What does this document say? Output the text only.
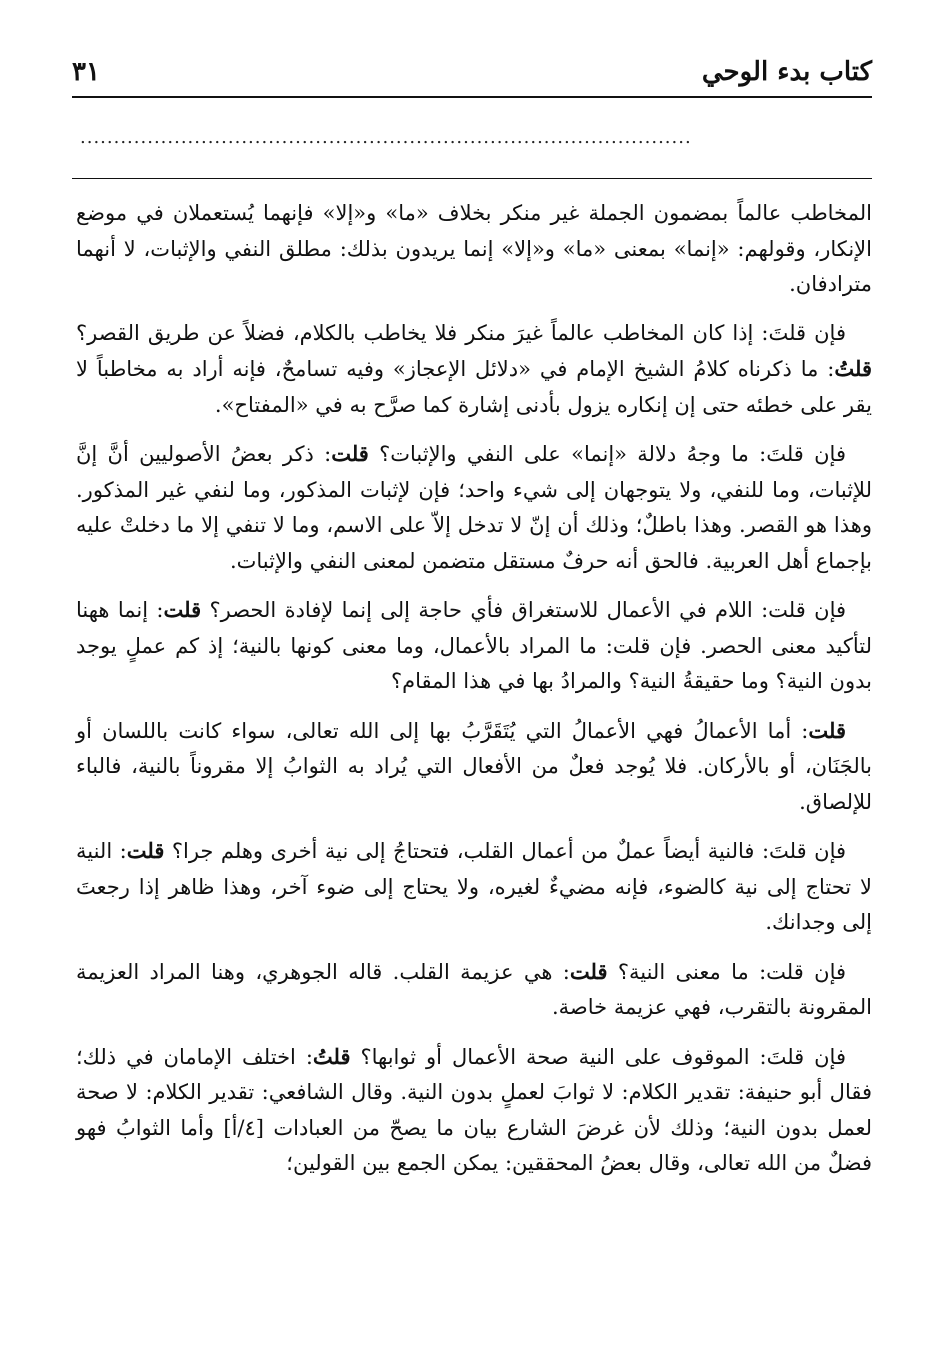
كتاب بدء الوحي
٣١
...........................................................................................

المخاطب عالماً بمضمون الجملة غير منكر بخلاف «ما» و«إلا» فإنهما يُستعملان في موضع الإنكار، وقولهم: «إنما» بمعنى «ما» و«إلا» إنما يريدون بذلك: مطلق النفي والإثبات، لا أنهما مترادفان.

فإن قلتَ: إذا كان المخاطب عالماً غيرَ منكر فلا يخاطب بالكلام، فضلاً عن طريق القصر؟ قلتُ: ما ذكرناه كلامُ الشيخ الإمام في «دلائل الإعجاز» وفيه تسامحٌ، فإنه أراد به مخاطباً لا يقر على خطئه حتى إن إنكاره يزول بأدنى إشارة كما صرَّح به في «المفتاح».

فإن قلتَ: ما وجهُ دلالة «إنما» على النفي والإثبات؟ قلت: ذكر بعضُ الأصوليين أنَّ إنَّ للإثبات، وما للنفي، ولا يتوجهان إلى شيء واحد؛ فإن لإثبات المذكور، وما لنفي غير المذكور. وهذا هو القصر. وهذا باطلٌ؛ وذلك أن إنّ لا تدخل إلاّ على الاسم، وما لا تنفي إلا ما دخلتْ عليه بإجماع أهل العربية. فالحق أنه حرفٌ مستقل متضمن لمعنى النفي والإثبات.

فإن قلت: اللام في الأعمال للاستغراق فأي حاجة إلى إنما لإفادة الحصر؟ قلت: إنما ههنا لتأكيد معنى الحصر. فإن قلت: ما المراد بالأعمال، وما معنى كونها بالنية؛ إذ كم عملٍ يوجد بدون النية؟ وما حقيقةُ النية؟ والمرادُ بها في هذا المقام؟

قلت: أما الأعمالُ فهي الأعمالُ التي يُتَقَرَّبُ بها إلى الله تعالى، سواء كانت باللسان أو بالجَنَان، أو بالأركان. فلا يُوجد فعلٌ من الأفعال التي يُراد به الثوابُ إلا مقروناً بالنية، فالباء للإلصاق.

فإن قلتَ: فالنية أيضاً عملٌ من أعمال القلب، فتحتاجُ إلى نية أخرى وهلم جرا؟ قلت: النية لا تحتاج إلى نية كالضوء، فإنه مضيءٌ لغيره، ولا يحتاج إلى ضوء آخر، وهذا ظاهر إذا رجعتَ إلى وجدانك.

فإن قلت: ما معنى النية؟ قلت: هي عزيمة القلب. قاله الجوهري، وهنا المراد العزيمة المقرونة بالتقرب، فهي عزيمة خاصة.

فإن قلتَ: الموقوف على النية صحة الأعمال أو ثوابها؟ قلتُ: اختلف الإمامان في ذلك؛ فقال أبو حنيفة: تقدير الكلام: لا ثوابَ لعملٍ بدون النية. وقال الشافعي: تقدير الكلام: لا صحة لعمل بدون النية؛ وذلك لأن غرضَ الشارع بيان ما يصحّ من العبادات [٤/أ] وأما الثوابُ فهو فضلٌ من الله تعالى، وقال بعضُ المحققين: يمكن الجمع بين القولين؛
